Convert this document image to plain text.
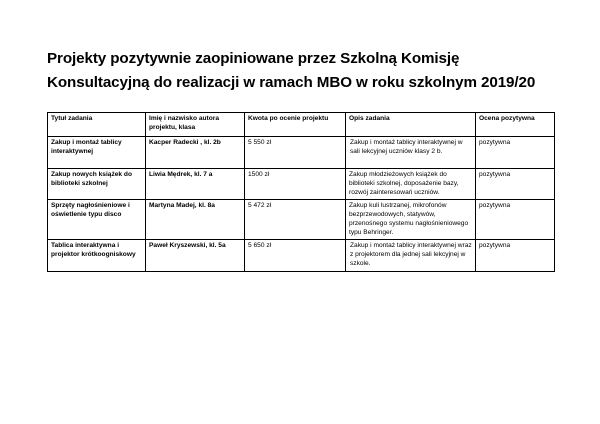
Projekty pozytywnie zaopiniowane przez Szkolną Komisję
Konsultacyjną do realizacji w ramach MBO w roku szkolnym 2019/20
Tytuł zadania	Imię i nazwisko autora projektu, klasa	Kwota po ocenie projektu	Opis zadania	Ocena pozytywna
Zakup i montaż tablicy interaktywnej	Kacper Radecki , kl. 2b	5 550 zł	Zakup i montaż tablicy interaktywnej w sali lekcyjnej uczniów klasy 2 b.	pozytywna
Zakup nowych książek do biblioteki szkolnej	Liwia Mędrek, kl. 7 a	1500 zł	Zakup młodzieżowych książek do biblioteki szkolnej, doposażenie bazy, rozwój zainteresowań uczniów.	pozytywna
Sprzęty nagłośnieniowe i oświetlenie typu disco	Martyna Madej, kl. 8a	5 472 zł	Zakup kuli lustrzanej, mikrofonów bezprzewodowych, statywów, przenośnego systemu nagłośnieniowego typu Behringer.	pozytywna
Tablica interaktywna i projektor krótkoogniskowy	Paweł Kryszewski, kl. 5a	5 650 zł	Zakup i montaż tablicy interaktywnej wraz z projektorem dla jednej sali lekcyjnej w szkole.	pozytywna
